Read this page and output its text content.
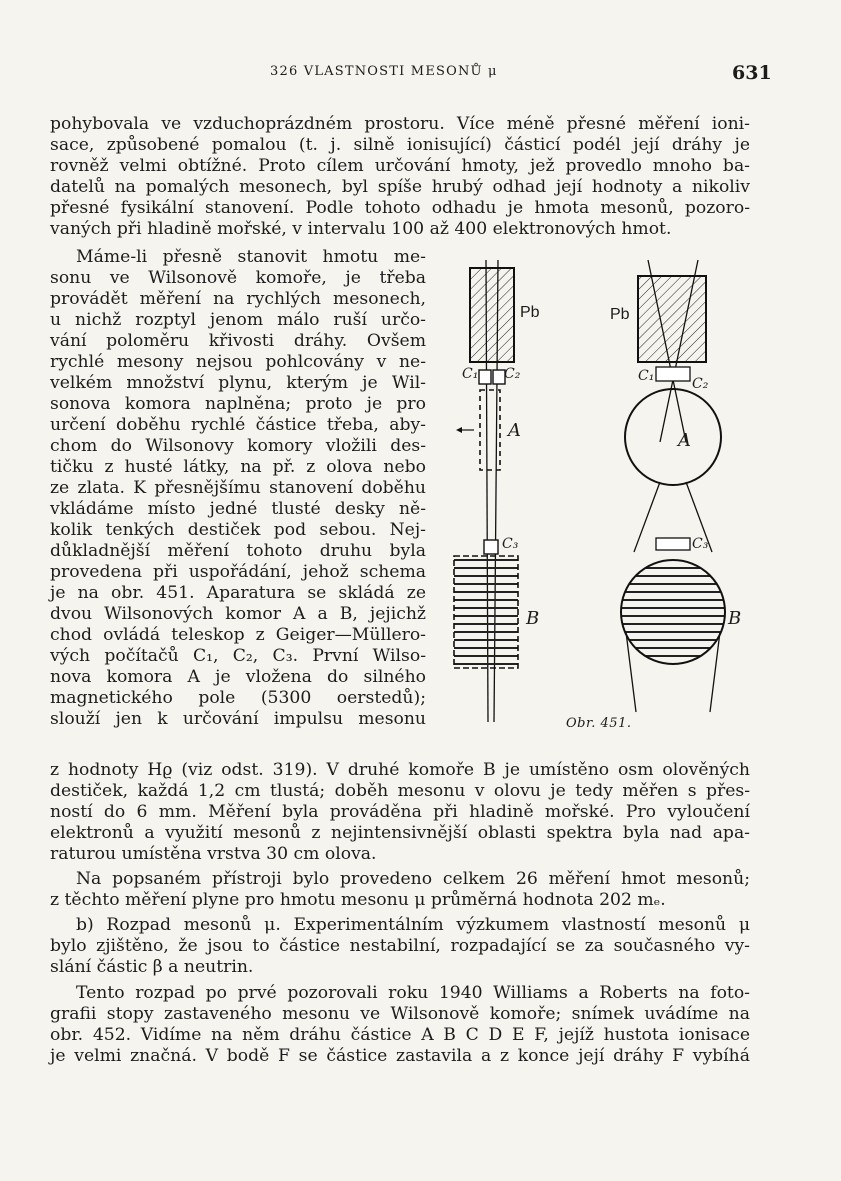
326 VLASTNOSTI MESONŮ μ	631
pohybovala ve vzduchoprázdném prostoru. Více méně přesné měření ioni-
sace, způsobené pomalou (t. j. silně ionisující) částicí podél její dráhy je
rovněž velmi obtížné. Proto cílem určování hmoty, jež provedlo mnoho ba-
datelů na pomalých mesonech, byl spíše hrubý odhad její hodnoty a nikoliv
přesné fysikální stanovení. Podle tohoto odhadu je hmota mesonů, pozoro-
vaných při hladině mořské, v intervalu 100 až 400 elektronových hmot.
Máme-li přesně stanovit hmotu me-
sonu ve Wilsonově komoře, je třeba
provádět měření na rychlých mesonech,
u nichž rozptyl jenom málo ruší určo-
vání poloměru křivosti dráhy. Ovšem
rychlé mesony nejsou pohlcovány v ne-
velkém množství plynu, kterým je Wil-
sonova komora naplněna; proto je pro
určení doběhu rychlé částice třeba, aby-
chom do Wilsonovy komory vložili des-
tičku z husté látky, na př. z olova nebo
ze zlata. K přesnějšímu stanovení doběhu
vkládáme místo jedné tlusté desky ně-
kolik tenkých destiček pod sebou. Nej-
důkladnější měření tohoto druhu byla
provedena při uspořádání, jehož schema
je na obr. 451. Aparatura se skládá ze
dvou Wilsonových komor A a B, jejichž
chod ovládá teleskop z Geiger—Müllero-
vých počítačů C₁, C₂, C₃. První Wilso-
nova komora A je vložena do silného
magnetického pole (5300 oerstedů);
slouží jen k určování impulsu mesonu
Pb	Pb
C₁ C₂	C₁	C₂
A	A
C₃	C₃
B	B
Obr. 451.
z hodnoty Hϱ (viz odst. 319). V druhé komoře B je umístěno osm olověných
destiček, každá 1,2 cm tlustá; doběh mesonu v olovu je tedy měřen s přes-
ností do 6 mm. Měření byla prováděna při hladině mořské. Pro vyloučení
elektronů a využití mesonů z nejintensivnější oblasti spektra byla nad apa-
raturou umístěna vrstva 30 cm olova.
Na popsaném přístroji bylo provedeno celkem 26 měření hmot mesonů;
z těchto měření plyne pro hmotu mesonu μ průměrná hodnota 202 mₑ.
b) Rozpad mesonů μ. Experimentálním výzkumem vlastností mesonů μ
bylo zjištěno, že jsou to částice nestabilní, rozpadající se za současného vy-
slání částic β a neutrin.
Tento rozpad po prvé pozorovali roku 1940 Williams a Roberts na foto-
grafii stopy zastaveného mesonu ve Wilsonově komoře; snímek uvádíme na
obr. 452. Vidíme na něm dráhu částice A B C D E F, jejíž hustota ionisace
je velmi značná. V bodě F se částice zastavila a z konce její dráhy F vybíhá
